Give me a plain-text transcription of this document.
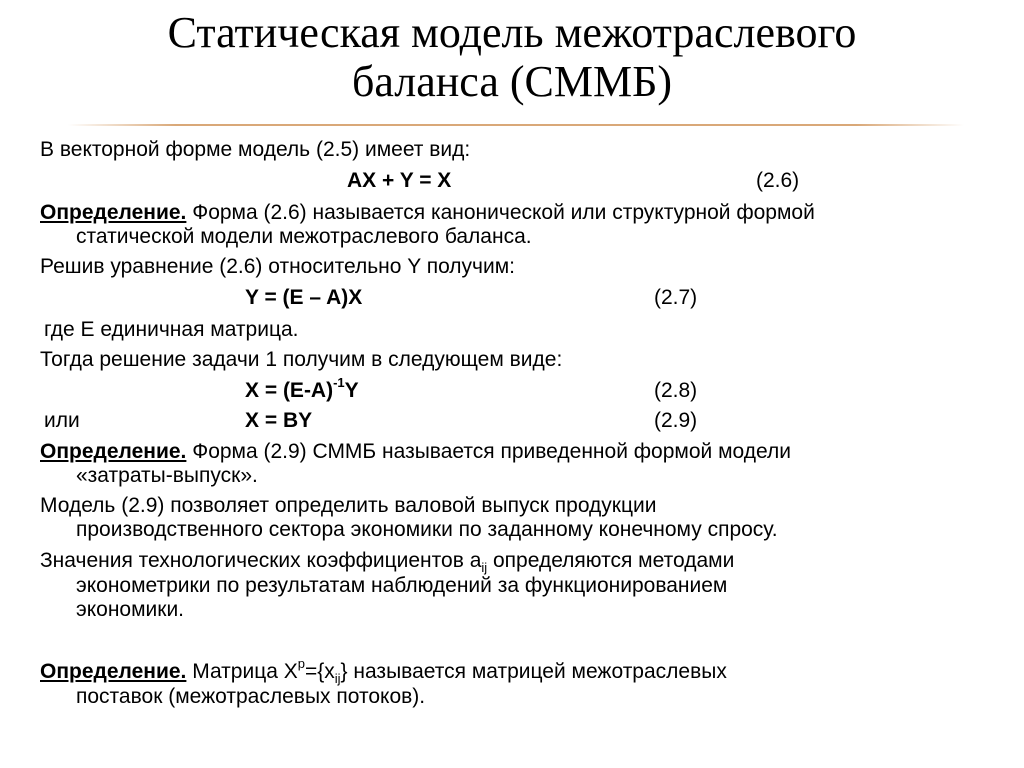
Статическая модель межотраслевого
баланса (СММБ)
В векторной форме модель (2.5) имеет вид:
AX + Y = X	(2.6)
Определение. Форма (2.6) называется канонической или структурной формой
статической модели межотраслевого баланса.
Решив уравнение (2.6) относительно Y получим:
Y = (E – A)X	(2.7)
где E единичная матрица.
Тогда решение задачи 1 получим в следующем виде:
$X = (E-A)^{-1}Y$	(2.8)
или	X = BY	(2.9)
Определение. Форма (2.9) СММБ называется приведенной формой модели
«затраты-выпуск».
Модель (2.9) позволяет определить валовой выпуск продукции
производственного сектора экономики по заданному конечному спросу.
Значения технологических коэффициентов $a_{ij}$ определяются методами
эконометрики по результатам наблюдений за функционированием
экономики.
Определение. Матрица $X^p=\{x_{ij}\}$ называется матрицей межотраслевых
поставок (межотраслевых потоков).
